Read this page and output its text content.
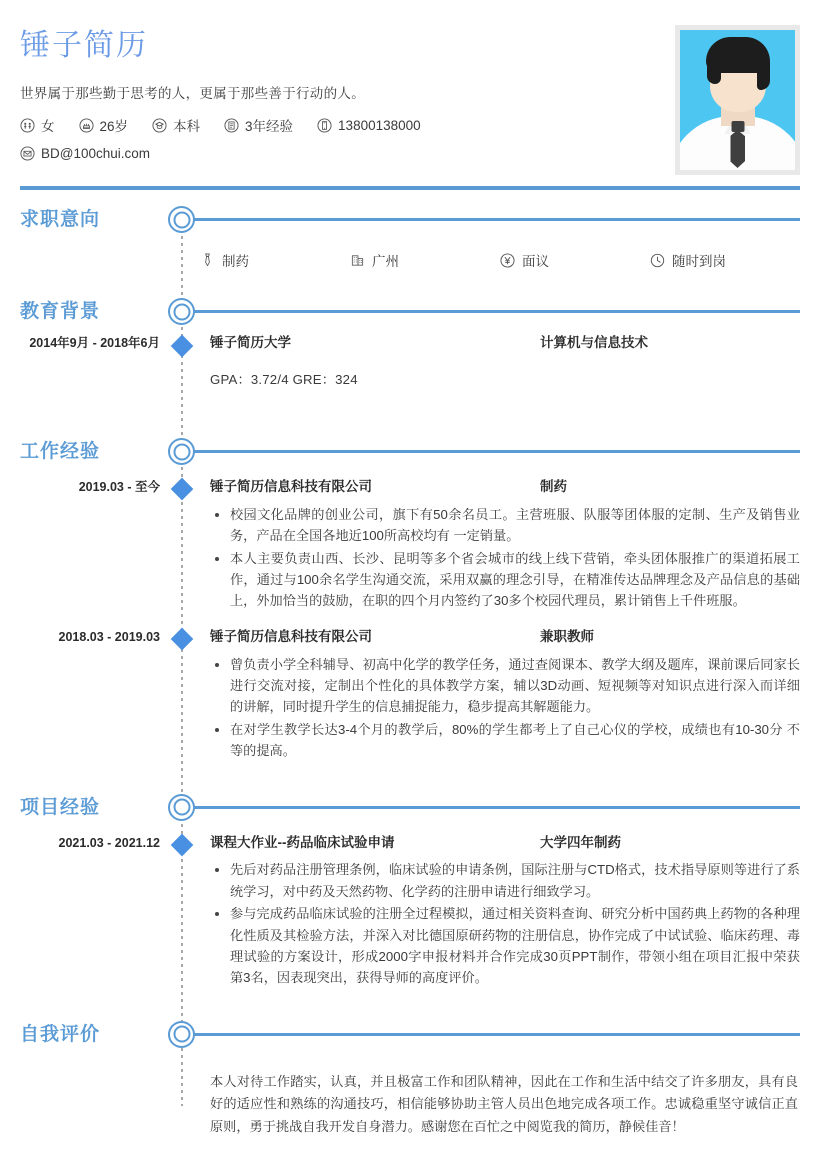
锤子简历
世界属于那些勤于思考的人，更属于那些善于行动的人。
女	26岁	本科	3年经验	13800138000
BD@100chui.com
求职意向
制药	广州	面议	随时到岗
教育背景
2014年9月 - 2018年6月	锤子简历大学	计算机与信息技术
GPA：3.72/4 GRE：324
工作经验
2019.03 - 至今	锤子简历信息科技有限公司	制药
校园文化品牌的创业公司，旗下有50余名员工。主营班服、队服等团体服的定制、生产及销售业务，产品在全国各地近100所高校均有 一定销量。
本人主要负责山西、长沙、昆明等多个省会城市的线上线下营销，牵头团体服推广的渠道拓展工作，通过与100余名学生沟通交流，采用双赢的理念引导，在精准传达品牌理念及产品信息的基础上，外加恰当的鼓励，在职的四个月内签约了30多个校园代理员，累计销售上千件班服。
2018.03 - 2019.03	锤子简历信息科技有限公司	兼职教师
曾负责小学全科辅导、初高中化学的教学任务，通过查阅课本、教学大纲及题库，课前课后同家长进行交流对接，定制出个性化的具体教学方案，辅以3D动画、短视频等对知识点进行深入而详细的讲解，同时提升学生的信息捕捉能力，稳步提高其解题能力。
在对学生教学长达3-4个月的教学后，80%的学生都考上了自己心仪的学校，成绩也有10-30分 不等的提高。
项目经验
2021.03 - 2021.12	课程大作业--药品临床试验申请	大学四年制药
先后对药品注册管理条例，临床试验的申请条例，国际注册与CTD格式，技术指导原则等进行了系统学习，对中药及天然药物、化学药的注册申请进行细致学习。
参与完成药品临床试验的注册全过程模拟，通过相关资料查询、研究分析中国药典上药物的各种理化性质及其检验方法，并深入对比德国原研药物的注册信息，协作完成了中试试验、临床药理、毒理试验的方案设计，形成2000字申报材料并合作完成30页PPT制作，带领小组在项目汇报中荣获第3名，因表现突出，获得导师的高度评价。
自我评价
本人对待工作踏实，认真，并且极富工作和团队精神，因此在工作和生活中结交了许多朋友，具有良好的适应性和熟练的沟通技巧，相信能够协助主管人员出色地完成各项工作。忠诚稳重坚守诚信正直原则，勇于挑战自我开发自身潜力。感谢您在百忙之中阅览我的简历，静候佳音！
